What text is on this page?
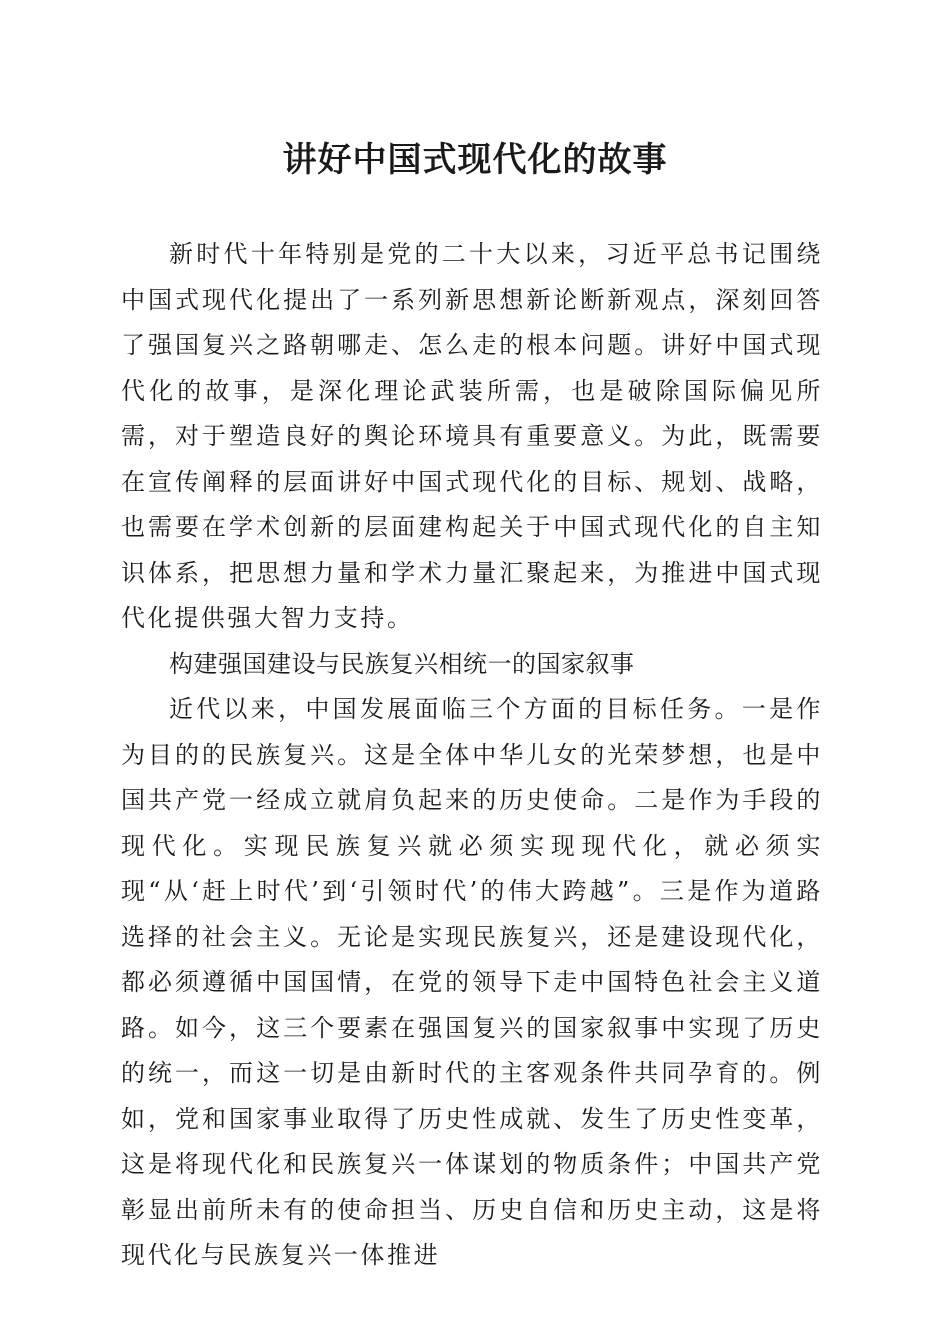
讲好中国式现代化的故事

新时代十年特别是党的二十大以来，习近平总书记围绕中国式现代化提出了一系列新思想新论断新观点，深刻回答了强国复兴之路朝哪走、怎么走的根本问题。讲好中国式现代化的故事，是深化理论武装所需，也是破除国际偏见所需，对于塑造良好的舆论环境具有重要意义。为此，既需要在宣传阐释的层面讲好中国式现代化的目标、规划、战略，也需要在学术创新的层面建构起关于中国式现代化的自主知识体系，把思想力量和学术力量汇聚起来，为推进中国式现代化提供强大智力支持。

构建强国建设与民族复兴相统一的国家叙事

近代以来，中国发展面临三个方面的目标任务。一是作为目的的民族复兴。这是全体中华儿女的光荣梦想，也是中国共产党一经成立就肩负起来的历史使命。二是作为手段的现代化。实现民族复兴就必须实现现代化，就必须实现“从‘赶上时代’到‘引领时代’的伟大跨越”。三是作为道路选择的社会主义。无论是实现民族复兴，还是建设现代化，都必须遵循中国国情，在党的领导下走中国特色社会主义道路。如今，这三个要素在强国复兴的国家叙事中实现了历史的统一，而这一切是由新时代的主客观条件共同孕育的。例如，党和国家事业取得了历史性成就、发生了历史性变革，这是将现代化和民族复兴一体谋划的物质条件；中国共产党彰显出前所未有的使命担当、历史自信和历史主动，这是将现代化与民族复兴一体推进
